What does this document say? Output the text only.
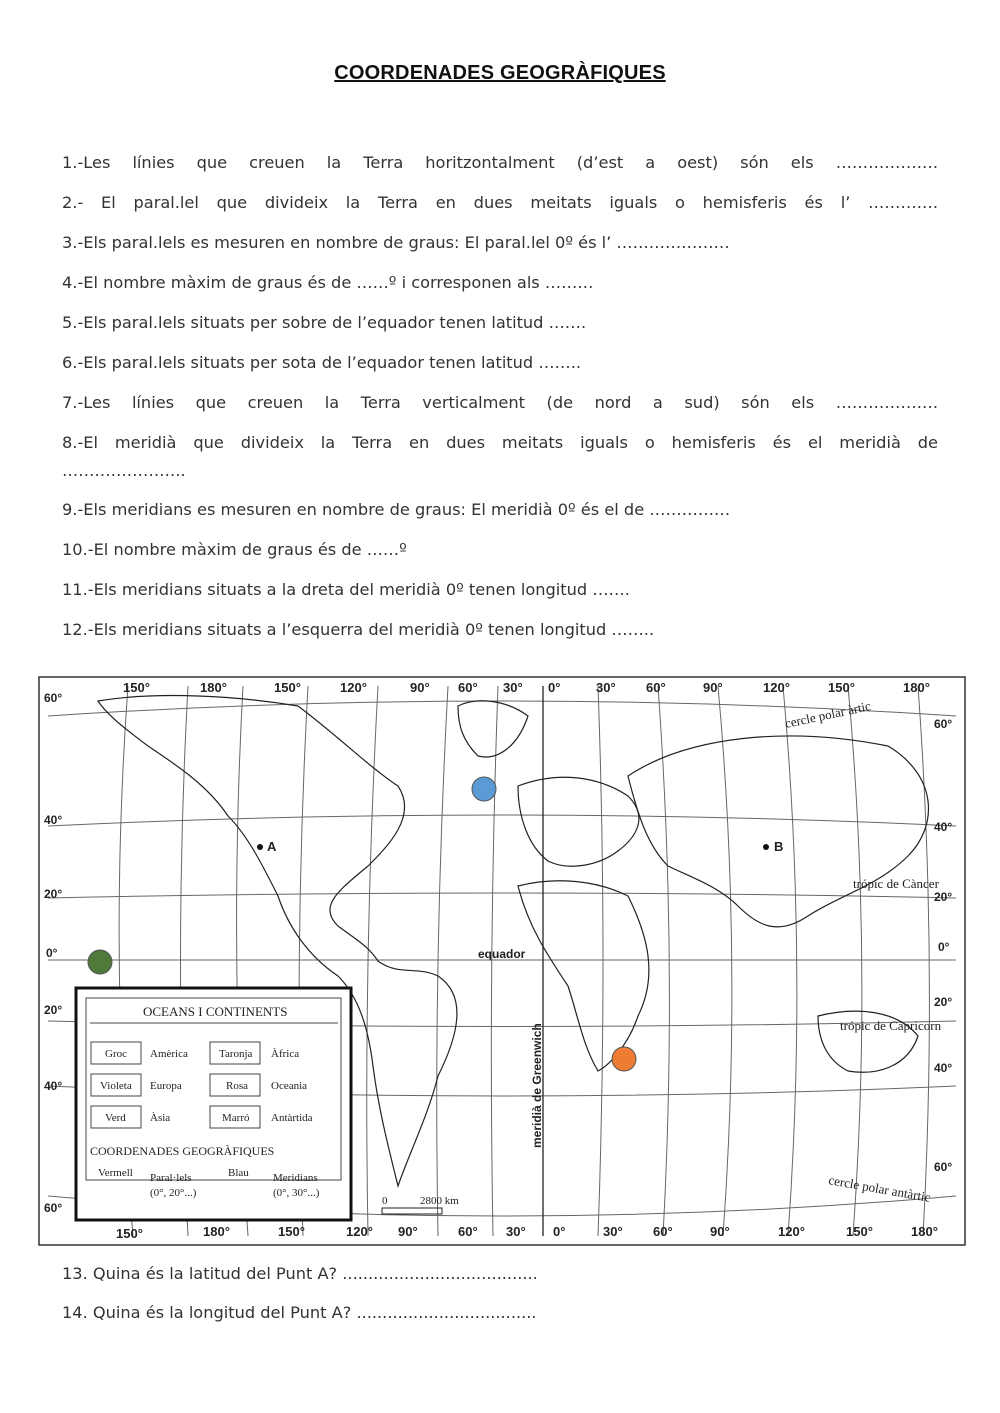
COORDENADES GEOGRÀFIQUES
1.-Les línies que creuen la Terra horitzontalment (d’est a oest) són els ……………….
2.- El paral.lel que divideix la Terra en dues meitats iguals o hemisferis és l’ ………….
3.-Els paral.lels es mesuren en nombre de graus: El paral.lel 0º és l’ …………………
4.-El nombre màxim de graus és de ……º i corresponen als ………
5.-Els paral.lels situats per sobre de l’equador tenen latitud …….
6.-Els paral.lels situats per sota de l’equador tenen latitud ……..
7.-Les línies que creuen la Terra verticalment (de nord a sud) són els ……………….
8.-El meridià que divideix la Terra en dues meitats iguals o hemisferis és el meridià de
…………………..
9.-Els meridians es mesuren en nombre de graus: El meridià 0º és el de ……………
10.-El nombre màxim de graus és de ……º
11.-Els meridians situats a la dreta del meridià 0º tenen longitud …….
12.-Els meridians situats a l’esquerra del meridià 0º tenen longitud ……..
150°	180°	150°	120°	90° 60° 30° 0°	30° 60°	90°	120°	150°	180°
150°	180°	150°	120° 90°	60° 30° 0°	30° 60°	90°	120°	150°	180°
60° 40° 20° 0° 20° 40° 60°
60° 40° 20° 0° 20° 40° 60°
cercle polar àrtic
trópic de Càncer
equador
trópic de Capricorn
cercle polar antàrtic
meridià de Greenwich
A	B
0	2800 km
OCEANS I CONTINENTS
Groc Amèrica	Taronja Àfrica
Violeta Europa	Rosa Oceania
Verd Àsia	Marró Antàrtida
COORDENADES GEOGRÀFIQUES
Vermell Paral·lels
(0°, 20°...)
Blau Meridians
(0°, 30°...)
13. Quina és la latitud del Punt A? ......................................
14. Quina és la longitud del Punt A? ...................................
